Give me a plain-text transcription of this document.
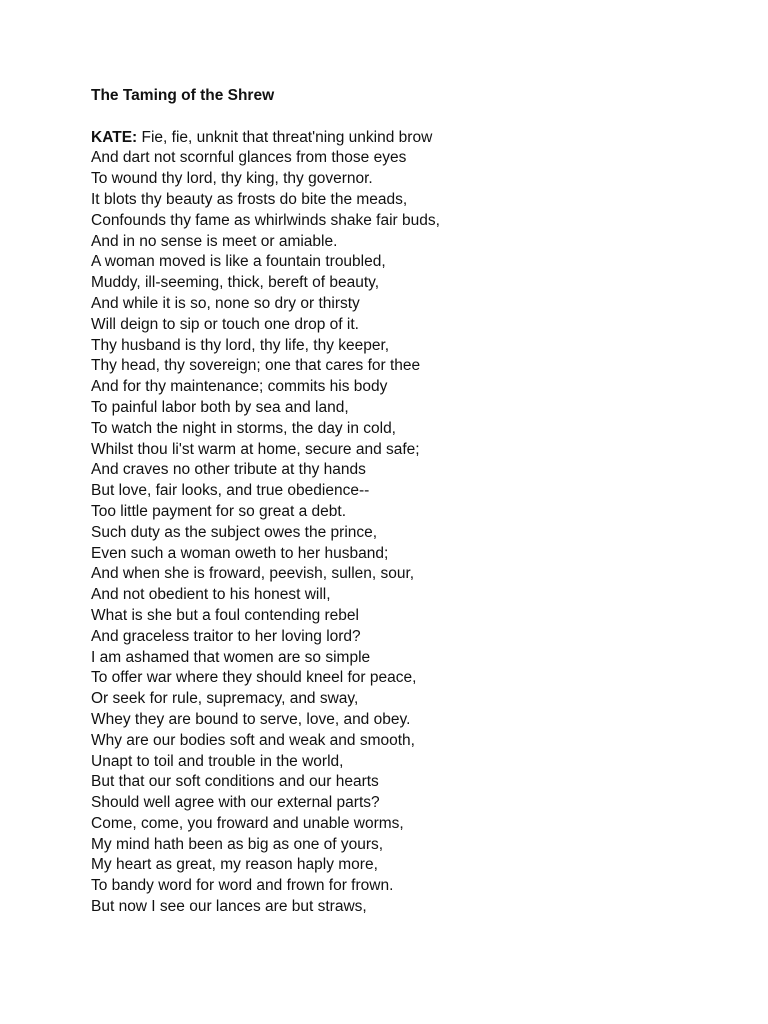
The Taming of the Shrew
KATE: Fie, fie, unknit that threat'ning unkind brow
And dart not scornful glances from those eyes
To wound thy lord, thy king, thy governor.
It blots thy beauty as frosts do bite the meads,
Confounds thy fame as whirlwinds shake fair buds,
And in no sense is meet or amiable.
A woman moved is like a fountain troubled,
Muddy, ill-seeming, thick, bereft of beauty,
And while it is so, none so dry or thirsty
Will deign to sip or touch one drop of it.
Thy husband is thy lord, thy life, thy keeper,
Thy head, thy sovereign; one that cares for thee
And for thy maintenance; commits his body
To painful labor both by sea and land,
To watch the night in storms, the day in cold,
Whilst thou li'st warm at home, secure and safe;
And craves no other tribute at thy hands
But love, fair looks, and true obedience--
Too little payment for so great a debt.
Such duty as the subject owes the prince,
Even such a woman oweth to her husband;
And when she is froward, peevish, sullen, sour,
And not obedient to his honest will,
What is she but a foul contending rebel
And graceless traitor to her loving lord?
I am ashamed that women are so simple
To offer war where they should kneel for peace,
Or seek for rule, supremacy, and sway,
Whey they are bound to serve, love, and obey.
Why are our bodies soft and weak and smooth,
Unapt to toil and trouble in the world,
But that our soft conditions and our hearts
Should well agree with our external parts?
Come, come, you froward and unable worms,
My mind hath been as big as one of yours,
My heart as great, my reason haply more,
To bandy word for word and frown for frown.
But now I see our lances are but straws,
